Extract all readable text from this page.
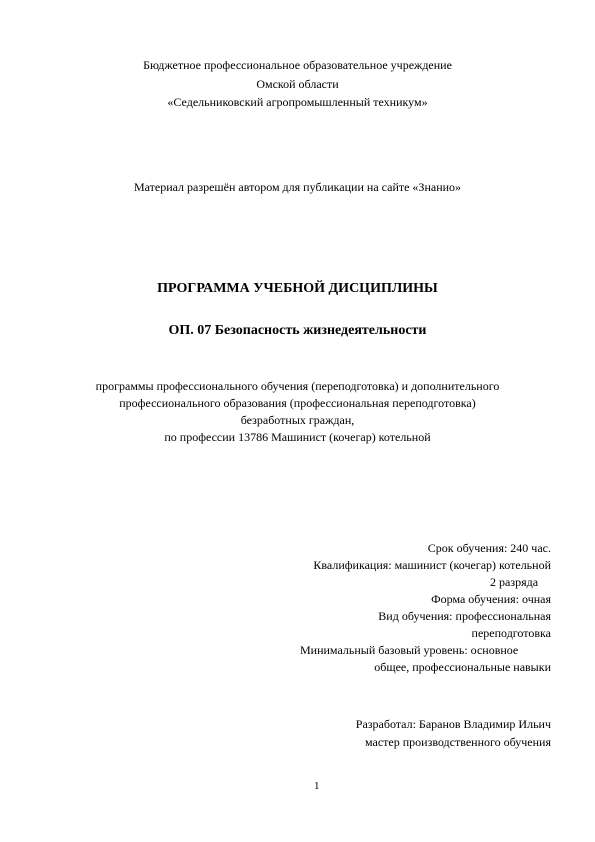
Бюджетное профессиональное образовательное учреждение
Омской области
«Седельниковский агропромышленный техникум»
Материал разрешён автором для публикации на сайте «Знанио»
ПРОГРАММА УЧЕБНОЙ ДИСЦИПЛИНЫ
ОП. 07 Безопасность жизнедеятельности
программы профессионального обучения (переподготовка) и дополнительного
профессионального образования (профессиональная переподготовка)
безработных граждан,
по профессии 13786 Машинист (кочегар) котельной
Срок обучения: 240 час.
Квалификация: машинист (кочегар) котельной
2 разряда
Форма обучения: очная
Вид обучения: профессиональная
переподготовка
Минимальный базовый уровень: основное
общее, профессиональные навыки
Разработал: Баранов Владимир Ильич
мастер производственного обучения
1
